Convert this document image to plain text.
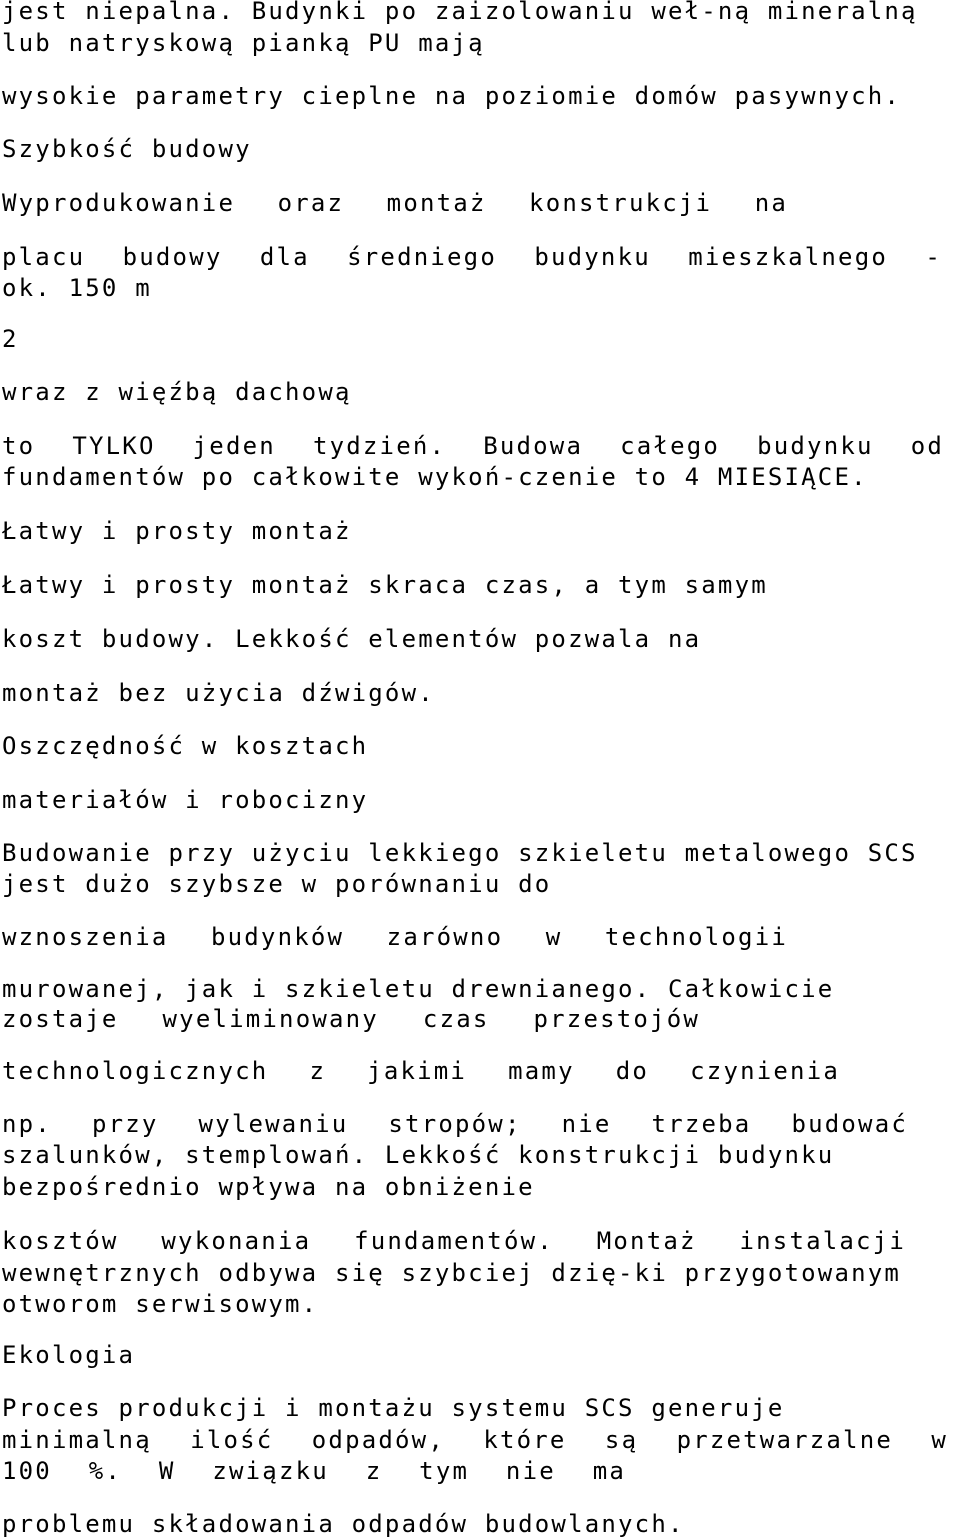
jest niepalna. Budynki po zaizolowaniu weł-ną mineralną

lub natryskową pianką PU mają

wysokie parametry cieplne na poziomie domów pasywnych.

Szybkość budowy

Wyprodukowanie oraz montaż konstrukcji na

placu budowy dla średniego budynku mieszkalnego -

ok. 150 m

2

wraz z więźbą dachową

to TYLKO jeden tydzień. Budowa całego budynku od

fundamentów po całkowite wykoń-czenie to 4 MIESIĄCE.

Łatwy i prosty montaż

Łatwy i prosty montaż skraca czas, a tym samym

koszt budowy. Lekkość elementów pozwala na

montaż bez użycia dźwigów.

Oszczędność w kosztach

materiałów i robocizny

Budowanie przy użyciu lekkiego szkieletu metalowego SCS

jest dużo szybsze w porównaniu do

wznoszenia budynków zarówno w technologii

murowanej, jak i szkieletu drewnianego. Całkowicie

zostaje wyeliminowany czas przestojów

technologicznych z jakimi mamy do czynienia

np. przy wylewaniu stropów; nie trzeba budować

szalunków, stemplowań. Lekkość konstrukcji budynku

bezpośrednio wpływa na obniżenie

kosztów wykonania fundamentów. Montaż instalacji

wewnętrznych odbywa się szybciej dzię-ki przygotowanym

otworom serwisowym.

Ekologia

Proces produkcji i montażu systemu SCS generuje

minimalną ilość odpadów, które są przetwarzalne w

100 %. W związku z tym nie ma

problemu składowania odpadów budowlanych.
